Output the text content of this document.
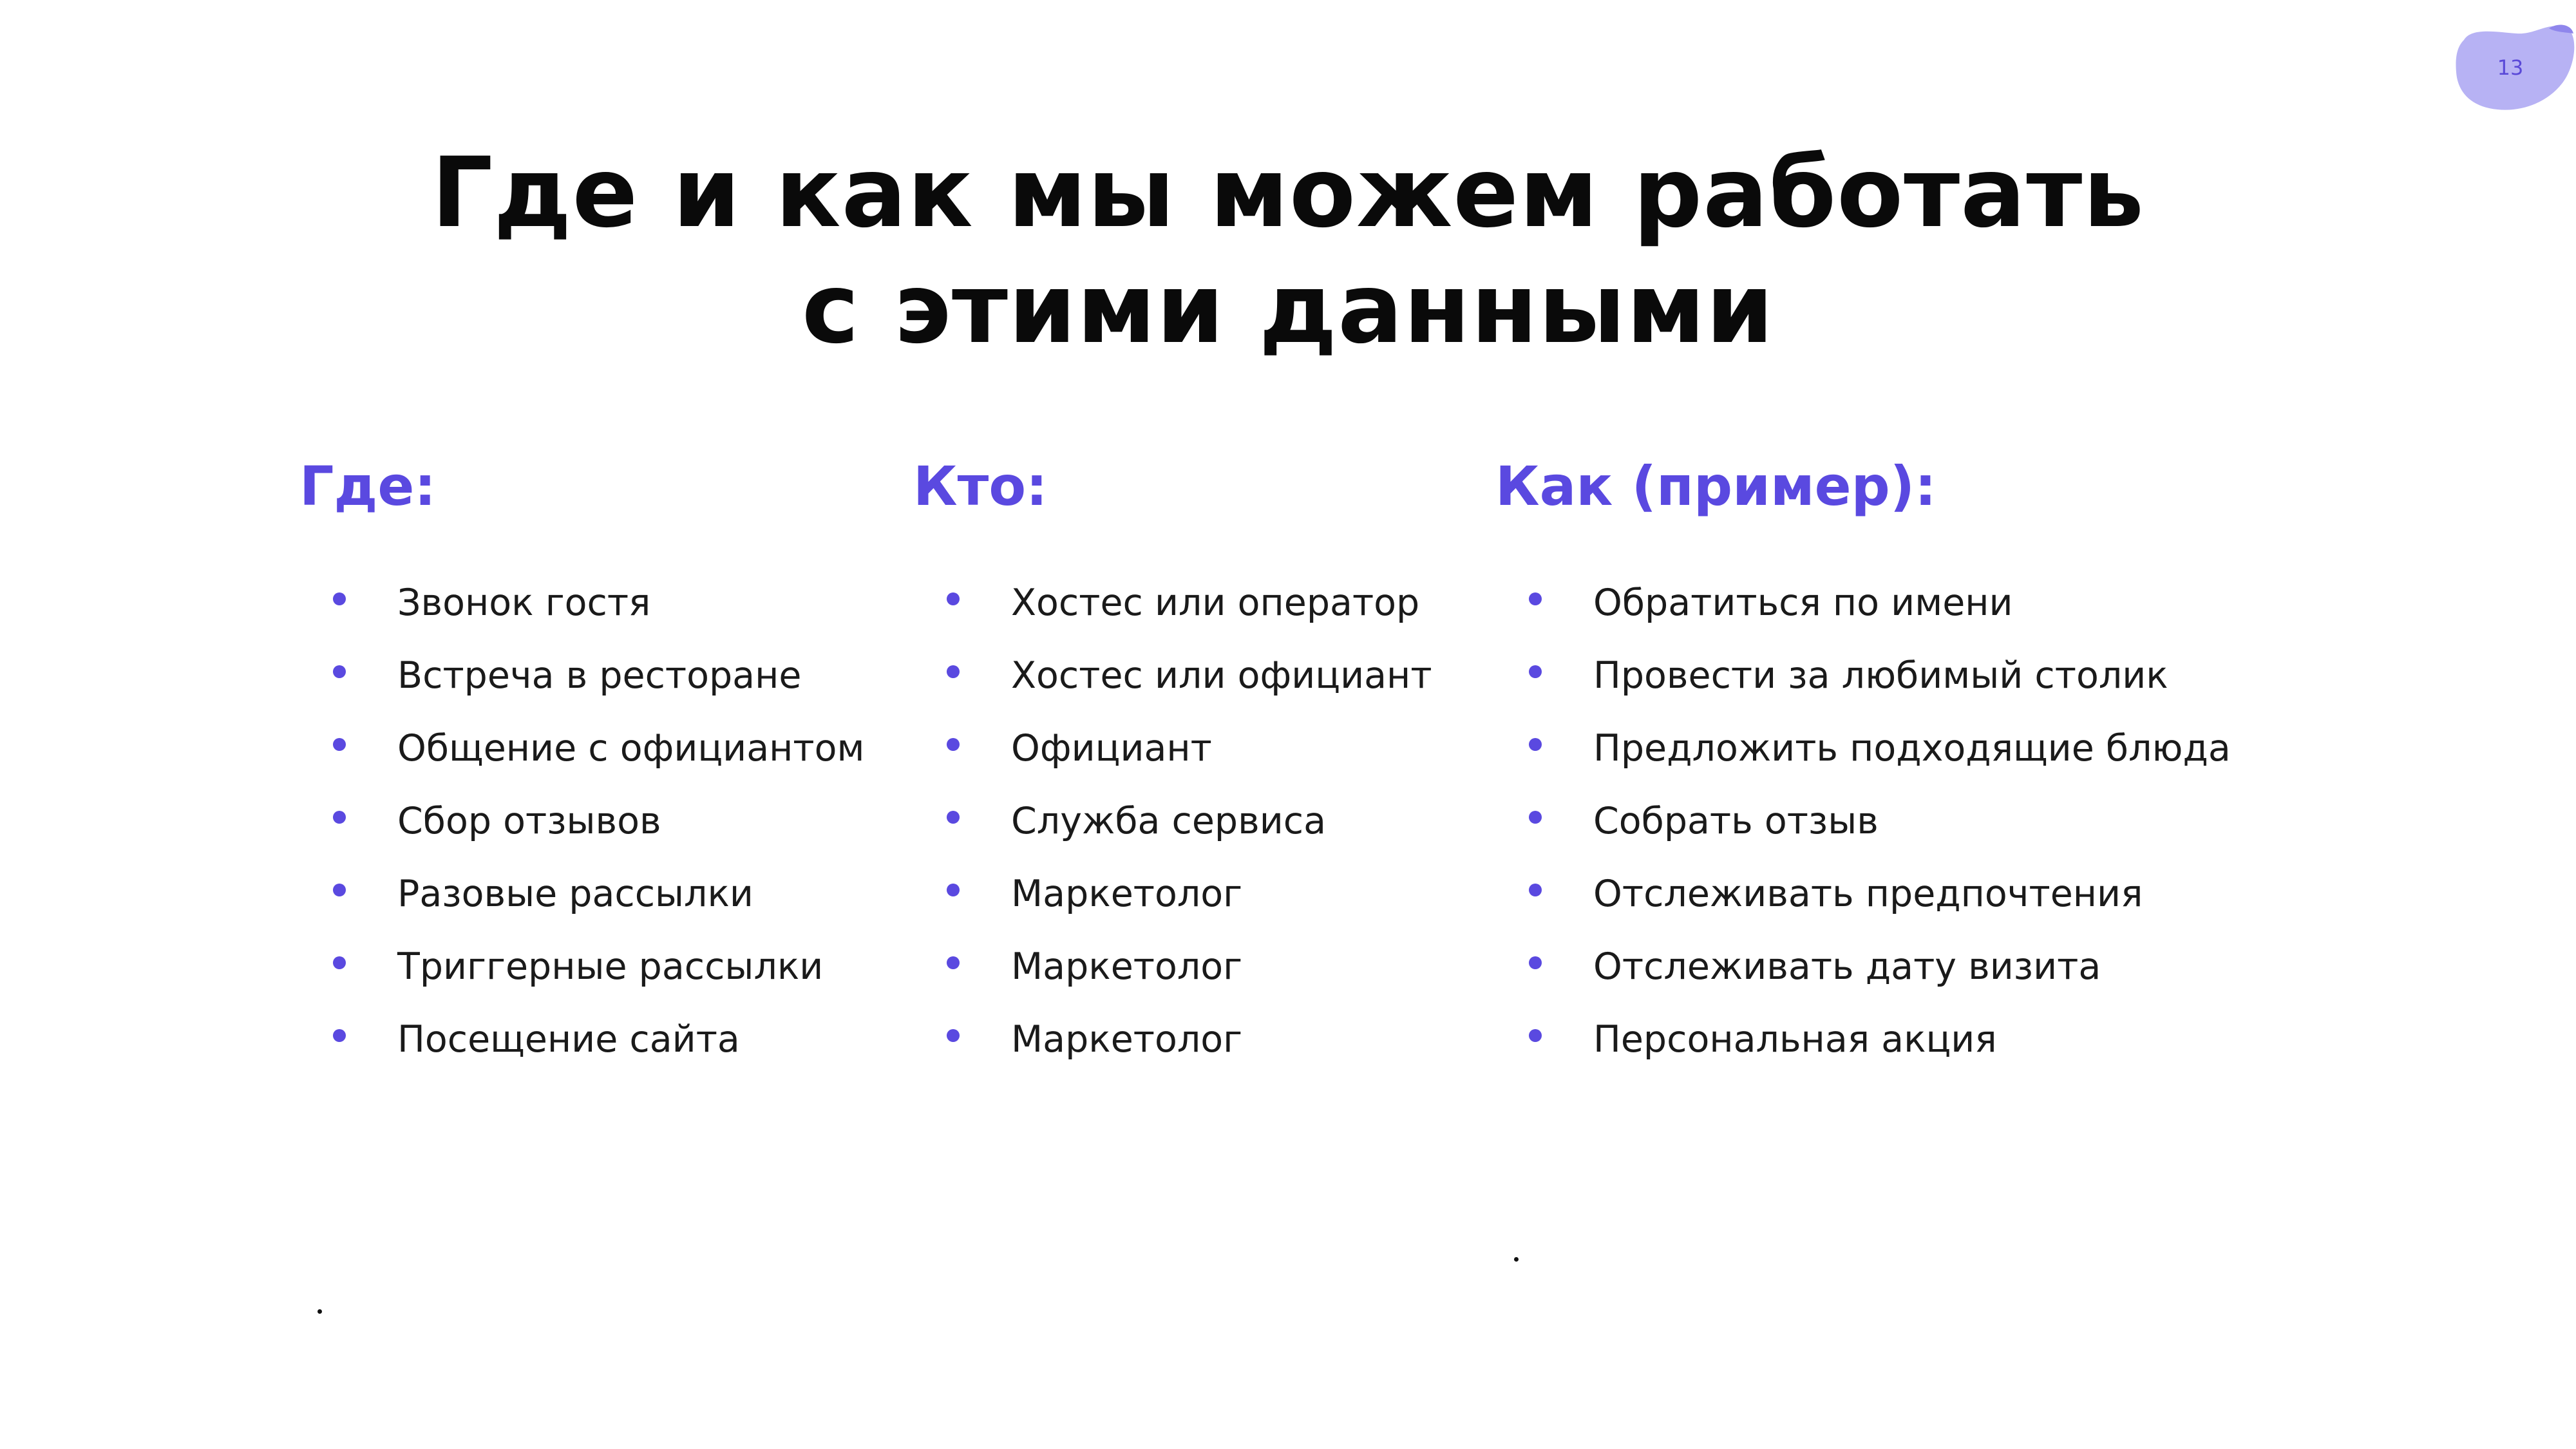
13
Где и как мы можем работать
с этими данными
Где:
Звонок гостя
Встреча в ресторане
Общение с официантом
Сбор отзывов
Разовые рассылки
Триггерные рассылки
Посещение сайта
Кто:
Хостес или оператор
Хостес или официант
Официант
Служба сервиса
Маркетолог
Маркетолог
Маркетолог
Как (пример):
Обратиться по имени
Провести за любимый столик
Предложить подходящие блюда
Собрать отзыв
Отслеживать предпочтения
Отслеживать дату визита
Персональная акция
